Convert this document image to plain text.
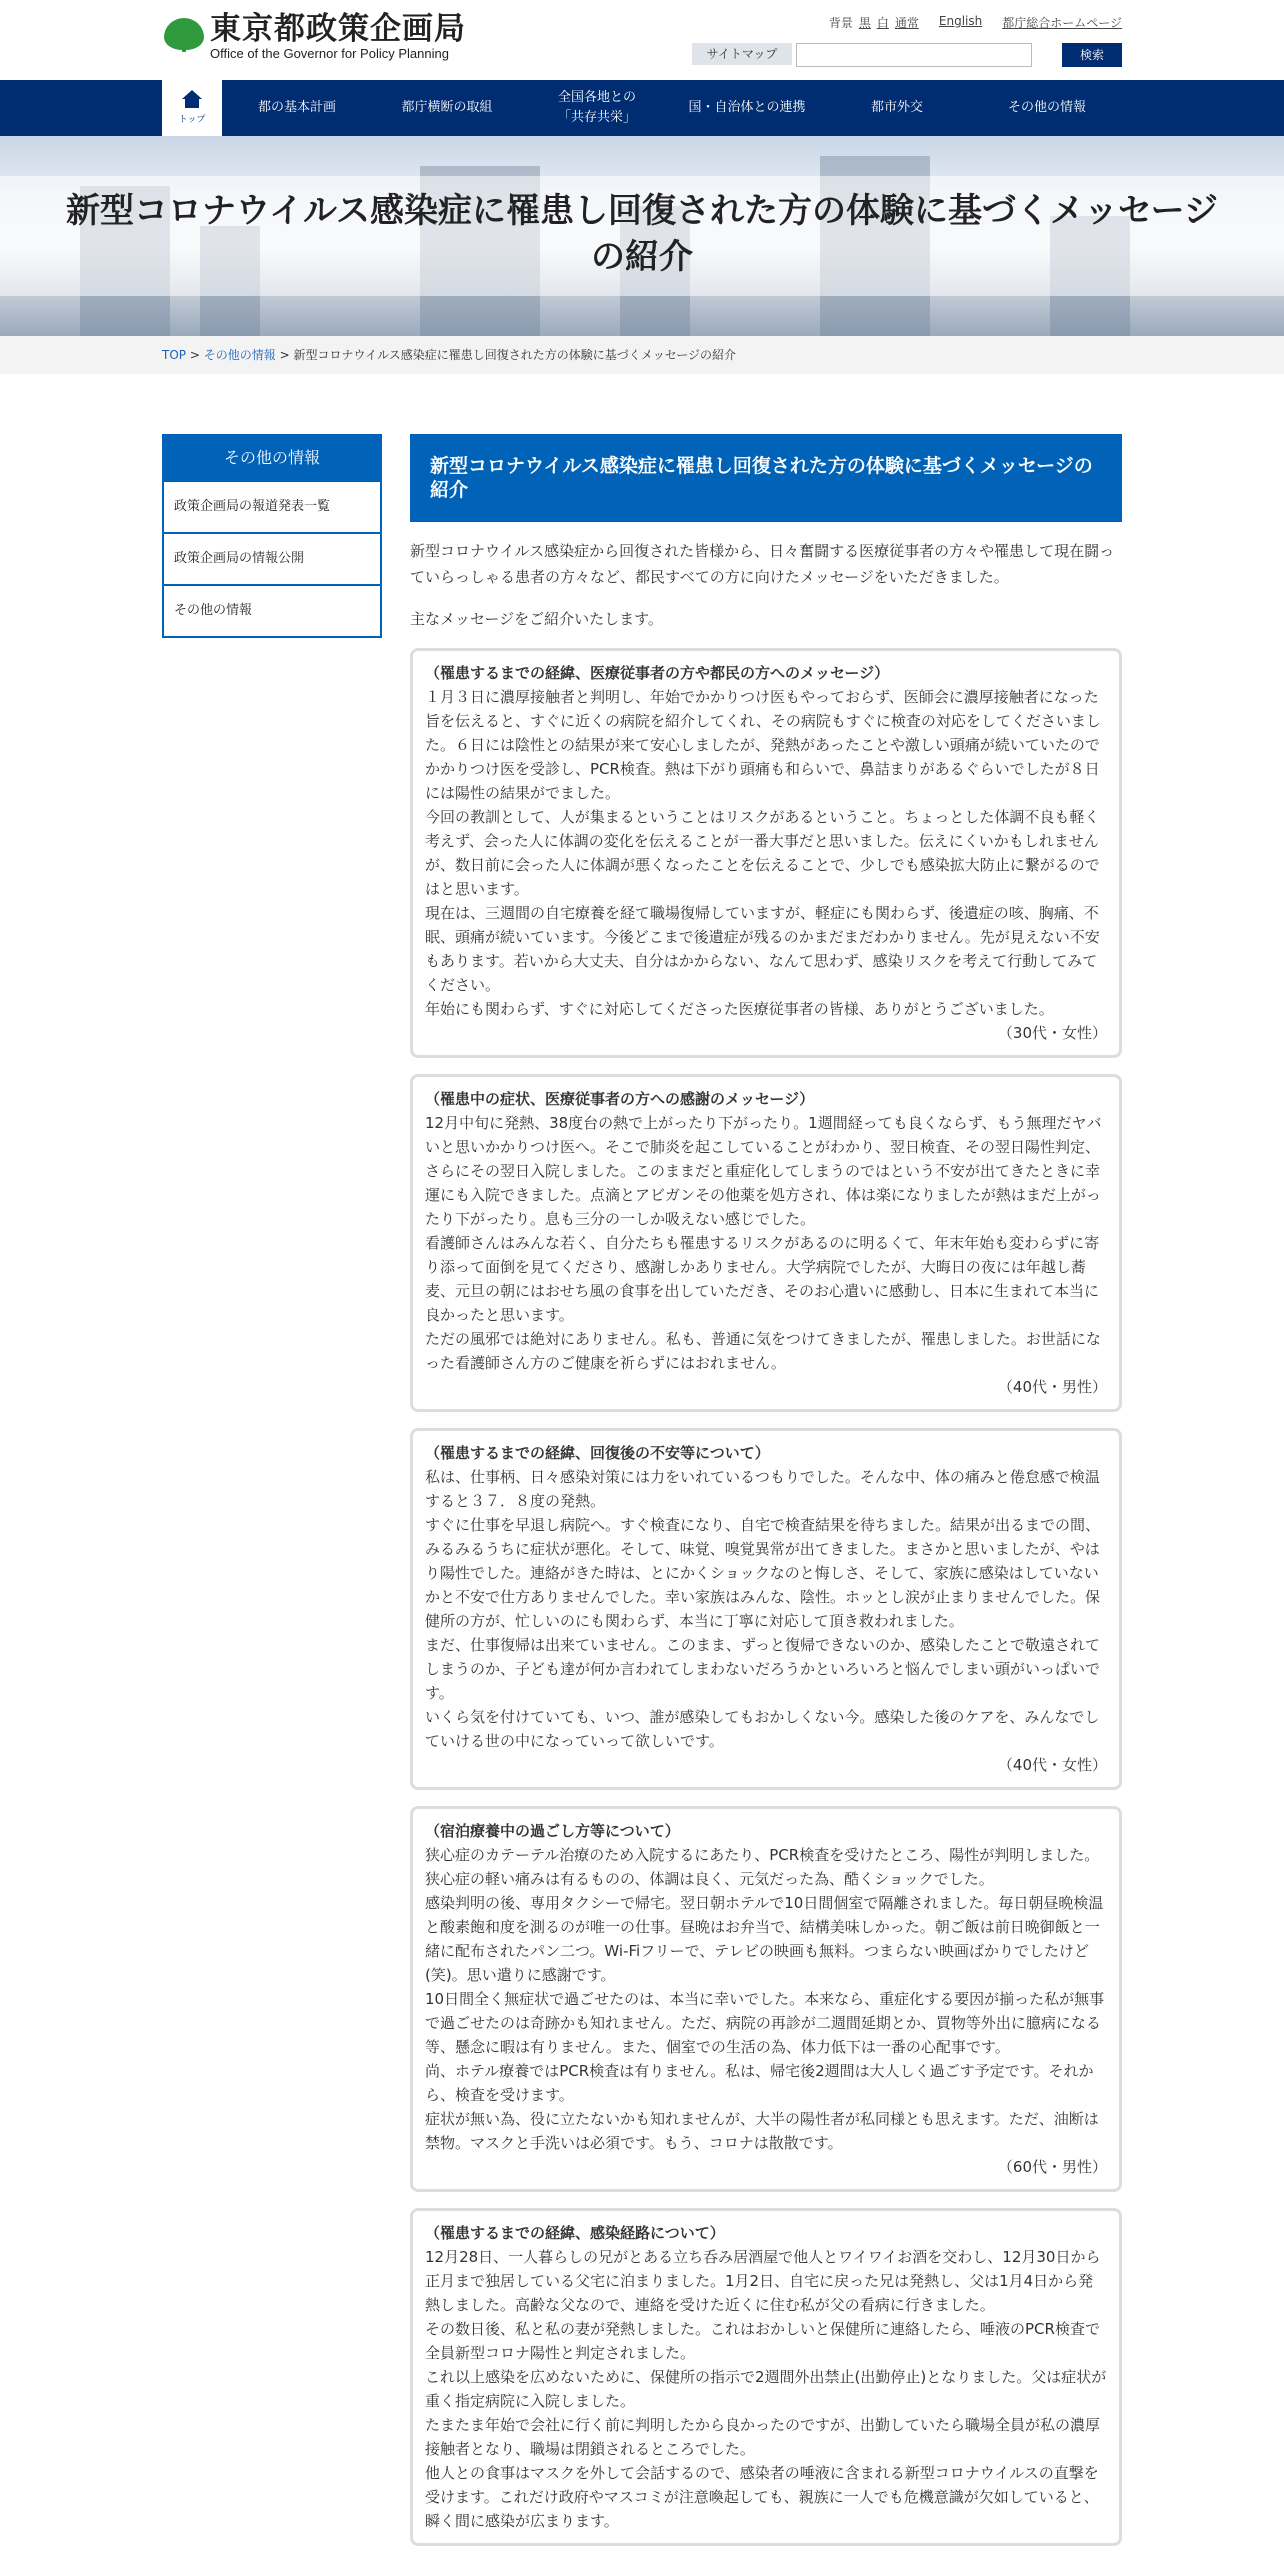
東京都政策企画局
Office of the Governor for Policy Planning
背景 黒 白 通常 English 都庁総合ホームページ
サイトマップ	検索
トップ
都の基本計画	都庁横断の取組
全国各地との
「共存共栄」
国・自治体との連携	都市外交	その他の情報
新型コロナウイルス感染症に罹患し回復された方の体験に基づくメッセージの紹介
TOP > その他の情報 > 新型コロナウイルス感染症に罹患し回復された方の体験に基づくメッセージの紹介
その他の情報
政策企画局の報道発表一覧
政策企画局の情報公開
その他の情報
新型コロナウイルス感染症に罹患し回復された方の体験に基づくメッセージの紹介

新型コロナウイルス感染症から回復された皆様から、日々奮闘する医療従事者の方々や罹患して現在闘っていらっしゃる患者の方々など、都民すべての方に向けたメッセージをいただきました。

主なメッセージをご紹介いたします。

（罹患するまでの経緯、医療従事者の方や都民の方へのメッセージ）

１月３日に濃厚接触者と判明し、年始でかかりつけ医もやっておらず、医師会に濃厚接触者になった旨を伝えると、すぐに近くの病院を紹介してくれ、その病院もすぐに検査の対応をしてくださいました。６日には陰性との結果が来て安心しましたが、発熱があったことや激しい頭痛が続いていたのでかかりつけ医を受診し、PCR検査。熱は下がり頭痛も和らいで、鼻詰まりがあるぐらいでしたが８日には陽性の結果がでました。
今回の教訓として、人が集まるということはリスクがあるということ。ちょっとした体調不良も軽く考えず、会った人に体調の変化を伝えることが一番大事だと思いました。伝えにくいかもしれませんが、数日前に会った人に体調が悪くなったことを伝えることで、少しでも感染拡大防止に繋がるのではと思います。
現在は、三週間の自宅療養を経て職場復帰していますが、軽症にも関わらず、後遺症の咳、胸痛、不眠、頭痛が続いています。今後どこまで後遺症が残るのかまだまだわかりません。先が見えない不安もあります。若いから大丈夫、自分はかからない、なんて思わず、感染リスクを考えて行動してみてください。
年始にも関わらず、すぐに対応してくださった医療従事者の皆様、ありがとうございました。

（30代・女性）

（罹患中の症状、医療従事者の方への感謝のメッセージ）

12月中旬に発熱、38度台の熱で上がったり下がったり。1週間経っても良くならず、もう無理だヤバいと思いかかりつけ医へ。そこで肺炎を起こしていることがわかり、翌日検査、その翌日陽性判定、さらにその翌日入院しました。このままだと重症化してしまうのではという不安が出てきたときに幸運にも入院できました。点滴とアビガンその他薬を処方され、体は楽になりましたが熱はまだ上がったり下がったり。息も三分の一しか吸えない感じでした。
看護師さんはみんな若く、自分たちも罹患するリスクがあるのに明るくて、年末年始も変わらずに寄り添って面倒を見てくださり、感謝しかありません。大学病院でしたが、大晦日の夜には年越し蕎麦、元旦の朝にはおせち風の食事を出していただき、そのお心遣いに感動し、日本に生まれて本当に良かったと思います。
ただの風邪では絶対にありません。私も、普通に気をつけてきましたが、罹患しました。お世話になった看護師さん方のご健康を祈らずにはおれません。

（40代・男性）

（罹患するまでの経緯、回復後の不安等について）

私は、仕事柄、日々感染対策には力をいれているつもりでした。そんな中、体の痛みと倦怠感で検温すると３７．８度の発熱。
すぐに仕事を早退し病院へ。すぐ検査になり、自宅で検査結果を待ちました。結果が出るまでの間、みるみるうちに症状が悪化。そして、味覚、嗅覚異常が出てきました。まさかと思いましたが、やはり陽性でした。連絡がきた時は、とにかくショックなのと悔しさ、そして、家族に感染はしていないかと不安で仕方ありませんでした。幸い家族はみんな、陰性。ホッとし涙が止まりませんでした。保健所の方が、忙しいのにも関わらず、本当に丁寧に対応して頂き救われました。
まだ、仕事復帰は出来ていません。このまま、ずっと復帰できないのか、感染したことで敬遠されてしまうのか、子ども達が何か言われてしまわないだろうかといろいろと悩んでしまい頭がいっぱいです。
いくら気を付けていても、いつ、誰が感染してもおかしくない今。感染した後のケアを、みんなでしていける世の中になっていって欲しいです。

（40代・女性）

（宿泊療養中の過ごし方等について）

狭心症のカテーテル治療のため入院するにあたり、PCR検査を受けたところ、陽性が判明しました。狭心症の軽い痛みは有るものの、体調は良く、元気だった為、酷くショックでした。
感染判明の後、専用タクシーで帰宅。翌日朝ホテルで10日間個室で隔離されました。毎日朝昼晩検温と酸素飽和度を測るのが唯一の仕事。昼晩はお弁当で、結構美味しかった。朝ご飯は前日晩御飯と一緒に配布されたパン二つ。Wi-Fiフリーで、テレビの映画も無料。つまらない映画ばかりでしたけど(笑)。思い遣りに感謝です。
10日間全く無症状で過ごせたのは、本当に幸いでした。本来なら、重症化する要因が揃った私が無事で過ごせたのは奇跡かも知れません。ただ、病院の再診が二週間延期とか、買物等外出に臆病になる等、懸念に暇は有りません。また、個室での生活の為、体力低下は一番の心配事です。
尚、ホテル療養ではPCR検査は有りません。私は、帰宅後2週間は大人しく過ごす予定です。それから、検査を受けます。
症状が無い為、役に立たないかも知れませんが、大半の陽性者が私同様とも思えます。ただ、油断は禁物。マスクと手洗いは必須です。もう、コロナは散散です。

（60代・男性）

（罹患するまでの経緯、感染経路について）

12月28日、一人暮らしの兄がとある立ち呑み居酒屋で他人とワイワイお酒を交わし、12月30日から正月まで独居している父宅に泊まりました。1月2日、自宅に戻った兄は発熱し、父は1月4日から発熱しました。高齢な父なので、連絡を受けた近くに住む私が父の看病に行きました。
その数日後、私と私の妻が発熱しました。これはおかしいと保健所に連絡したら、唾液のPCR検査で全員新型コロナ陽性と判定されました。
これ以上感染を広めないために、保健所の指示で2週間外出禁止(出勤停止)となりました。父は症状が重く指定病院に入院しました。
たまたま年始で会社に行く前に判明したから良かったのですが、出勤していたら職場全員が私の濃厚接触者となり、職場は閉鎖されるところでした。
他人との食事はマスクを外して会話するので、感染者の唾液に含まれる新型コロナウイルスの直撃を受けます。これだけ政府やマスコミが注意喚起しても、親族に一人でも危機意識が欠如していると、瞬く間に感染が広まります。
